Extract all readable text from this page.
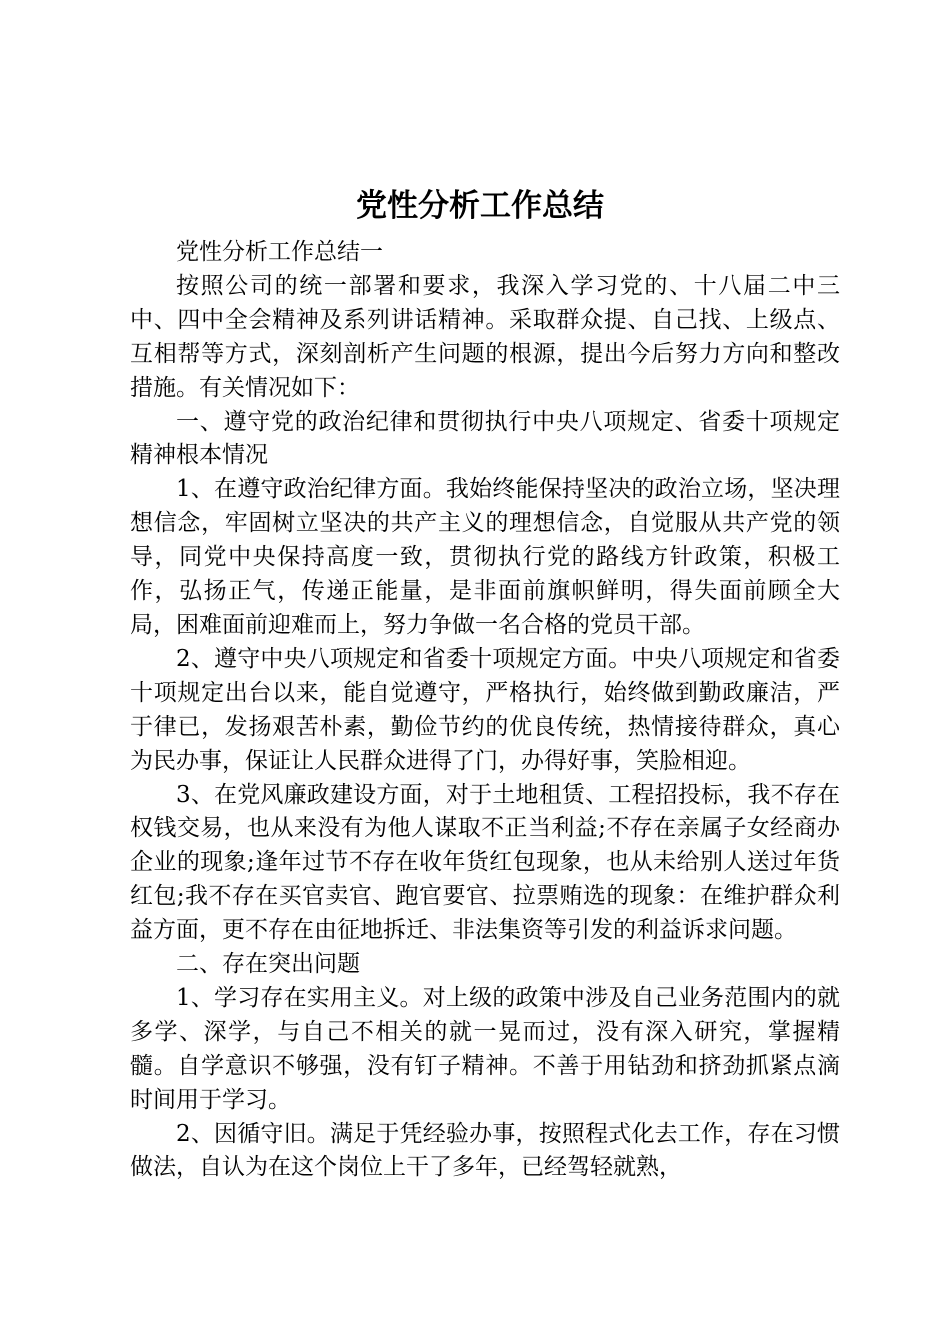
党性分析工作总结

党性分析工作总结一

按照公司的统一部署和要求，我深入学习党的、十八届二中三中、四中全会精神及系列讲话精神。采取群众提、自己找、上级点、互相帮等方式，深刻剖析产生问题的根源，提出今后努力方向和整改措施。有关情况如下：

一、遵守党的政治纪律和贯彻执行中央八项规定、省委十项规定精神根本情况

1、在遵守政治纪律方面。我始终能保持坚决的政治立场，坚决理想信念，牢固树立坚决的共产主义的理想信念，自觉服从共产党的领导，同党中央保持高度一致，贯彻执行党的路线方针政策，积极工作，弘扬正气，传递正能量，是非面前旗帜鲜明，得失面前顾全大局，困难面前迎难而上，努力争做一名合格的党员干部。

2、遵守中央八项规定和省委十项规定方面。中央八项规定和省委十项规定出台以来，能自觉遵守，严格执行，始终做到勤政廉洁，严于律已，发扬艰苦朴素，勤俭节约的优良传统，热情接待群众，真心为民办事，保证让人民群众进得了门，办得好事，笑脸相迎。

3、在党风廉政建设方面，对于土地租赁、工程招投标，我不存在权钱交易，也从来没有为他人谋取不正当利益;不存在亲属子女经商办企业的现象;逢年过节不存在收年货红包现象，也从未给别人送过年货红包;我不存在买官卖官、跑官要官、拉票贿选的现象：在维护群众利益方面，更不存在由征地拆迁、非法集资等引发的利益诉求问题。

二、存在突出问题

1、学习存在实用主义。对上级的政策中涉及自己业务范围内的就多学、深学，与自己不相关的就一晃而过，没有深入研究，掌握精髓。自学意识不够强，没有钉子精神。不善于用钻劲和挤劲抓紧点滴时间用于学习。

2、因循守旧。满足于凭经验办事，按照程式化去工作，存在习惯做法，自认为在这个岗位上干了多年，已经驾轻就熟，
